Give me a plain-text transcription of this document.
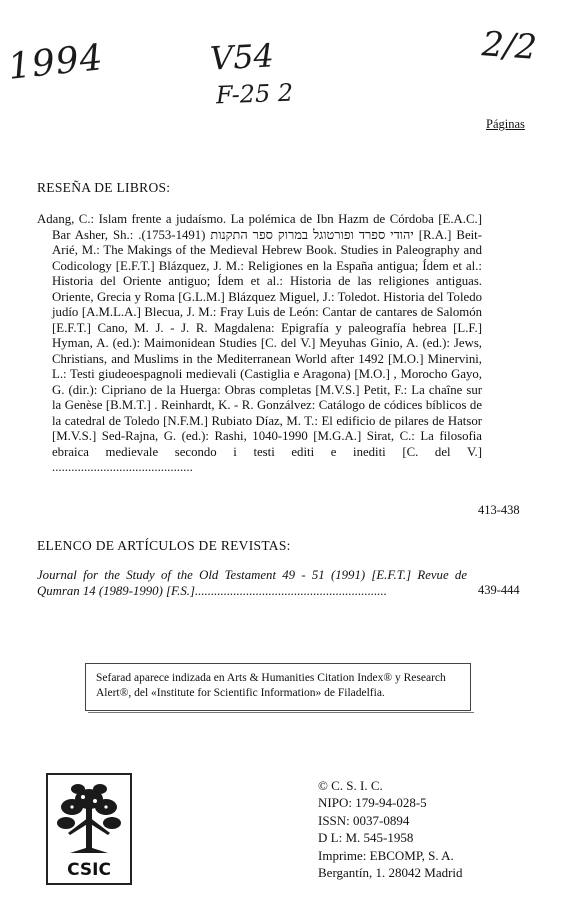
1994	V54
F-25 2
2/2
Páginas
RESEÑA DE LIBROS:
Adang, C.: Islam frente a judaísmo. La polémica de Ibn Hazm de Córdoba [E.A.C.] Bar Asher, Sh.: .(1753-1491) יהודי ספרד ופורטוגל במרוק ספר התקנות [R.A.] Beit-Arié, M.: The Makings of the Medieval Hebrew Book. Studies in Paleography and Codicology [E.F.T.] Blázquez, J. M.: Religiones en la España antigua; Ídem et al.: Historia del Oriente antiguo; Ídem et al.: Historia de las religiones antiguas. Oriente, Grecia y Roma [G.L.M.] Blázquez Miguel, J.: Toledot. Historia del Toledo judío [A.M.L.A.] Blecua, J. M.: Fray Luis de León: Cantar de cantares de Salomón [E.F.T.] Cano, M. J. - J. R. Magdalena: Epigrafía y paleografía hebrea [L.F.] Hyman, A. (ed.): Maimonidean Studies [C. del V.] Meyuhas Ginio, A. (ed.): Jews, Christians, and Muslims in the Mediterranean World after 1492 [M.O.] Minervini, L.: Testi giudeoespagnoli medievali (Castiglia e Aragona) [M.O.] , Morocho Gayo, G. (dir.): Cipriano de la Huerga: Obras completas [M.V.S.] Petit, F.: La chaîne sur la Genèse [B.M.T.] . Reinhardt, K. - R. Gonzálvez: Catálogo de códices bíblicos de la catedral de Toledo [N.F.M.] Rubiato Díaz, M. T.: El edificio de pilares de Hatsor [M.V.S.] Sed-Rajna, G. (ed.): Rashi, 1040-1990 [M.G.A.] Sirat, C.: La filosofia ebraica medievale secondo i testi editi e inediti [C. del V.] ............................................
413-438
ELENCO DE ARTÍCULOS DE REVISTAS:
Journal for the Study of the Old Testament 49 - 51 (1991) [E.F.T.] Revue de Qumran 14 (1989-1990) [F.S.]............................................................	439-444
Sefarad aparece indizada en Arts & Humanities Citation Index® y Research Alert®, del «Institute for Scientific Information» de Filadelfia.
CSIC
© C. S. I. C.
NIPO: 179-94-028-5
ISSN: 0037-0894
D L: M. 545-1958
Imprime: EBCOMP, S. A.
Bergantín, 1. 28042 Madrid
